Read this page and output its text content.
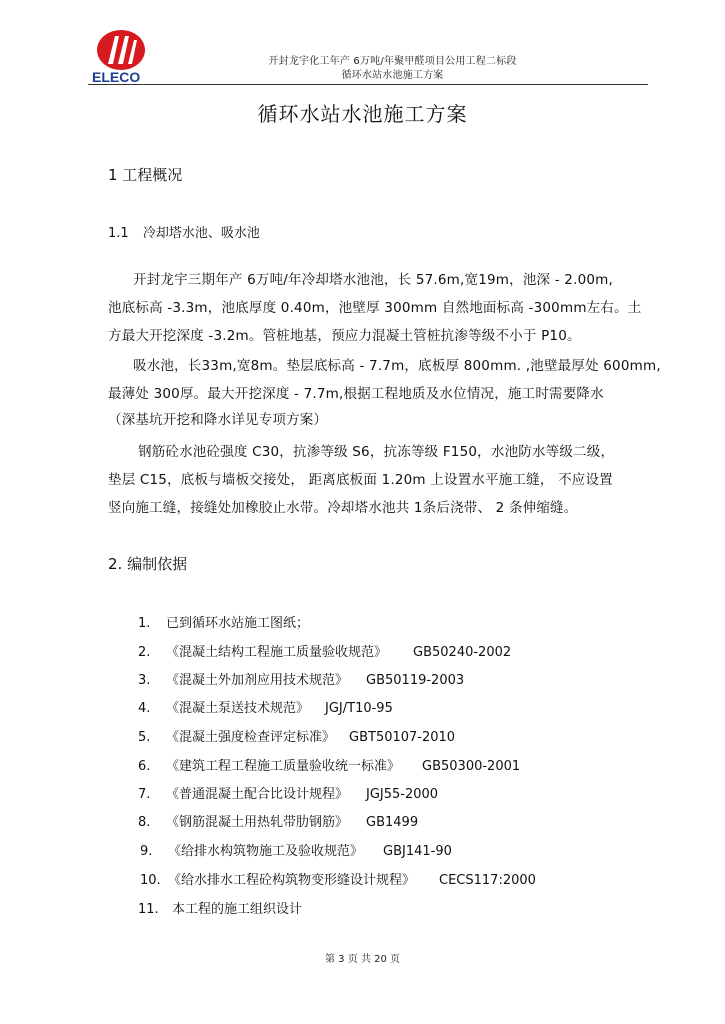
ELECO
开封龙宇化工年产 6万吨/年聚甲醛项目公用工程二标段
循环水站水池施工方案
循环水站水池施工方案
1 工程概况
1.1 冷却塔水池、吸水池
开封龙宇三期年产 6万吨/年冷却塔水池池，长 57.6m,宽19m，池深 - 2.00m,
池底标高 -3.3m，池底厚度 0.40m，池壁厚 300mm 自然地面标高 -300mm左右。土
方最大开挖深度 -3.2m。管桩地基，预应力混凝土管桩抗渗等级不小于 P10。
吸水池，长33m,宽8m。垫层底标高 - 7.7m，底板厚 800mm. ,池壁最厚处 600mm,
最薄处 300厚。最大开挖深度 - 7.7m,根据工程地质及水位情况，施工时需要降水
（深基坑开挖和降水详见专项方案）
钢筋砼水池砼强度 C30，抗渗等级 S6，抗冻等级 F150，水池防水等级二级，
垫层 C15，底板与墙板交接处， 距离底板面 1.20m 上设置水平施工缝， 不应设置
竖向施工缝，接缝处加橡胶止水带。冷却塔水池共 1条后浇带、 2 条伸缩缝。
2. 编制依据
1. 已到循环水站施工图纸；
2. 《混凝土结构工程施工质量验收规范》 GB50240-2002
3. 《混凝土外加剂应用技术规范》 GB50119-2003
4. 《混凝土泵送技术规范》 JGJ/T10-95
5. 《混凝土强度检查评定标准》 GBT50107-2010
6. 《建筑工程工程施工质量验收统一标准》 GB50300-2001
7. 《普通混凝土配合比设计规程》 JGJ55-2000
8. 《钢筋混凝土用热轧带肋钢筋》 GB1499
9. 《给排水构筑物施工及验收规范》 GBJ141-90
10. 《给水排水工程砼构筑物变形缝设计规程》 CECS117:2000
11. 本工程的施工组织设计
第 3 页 共 20 页
